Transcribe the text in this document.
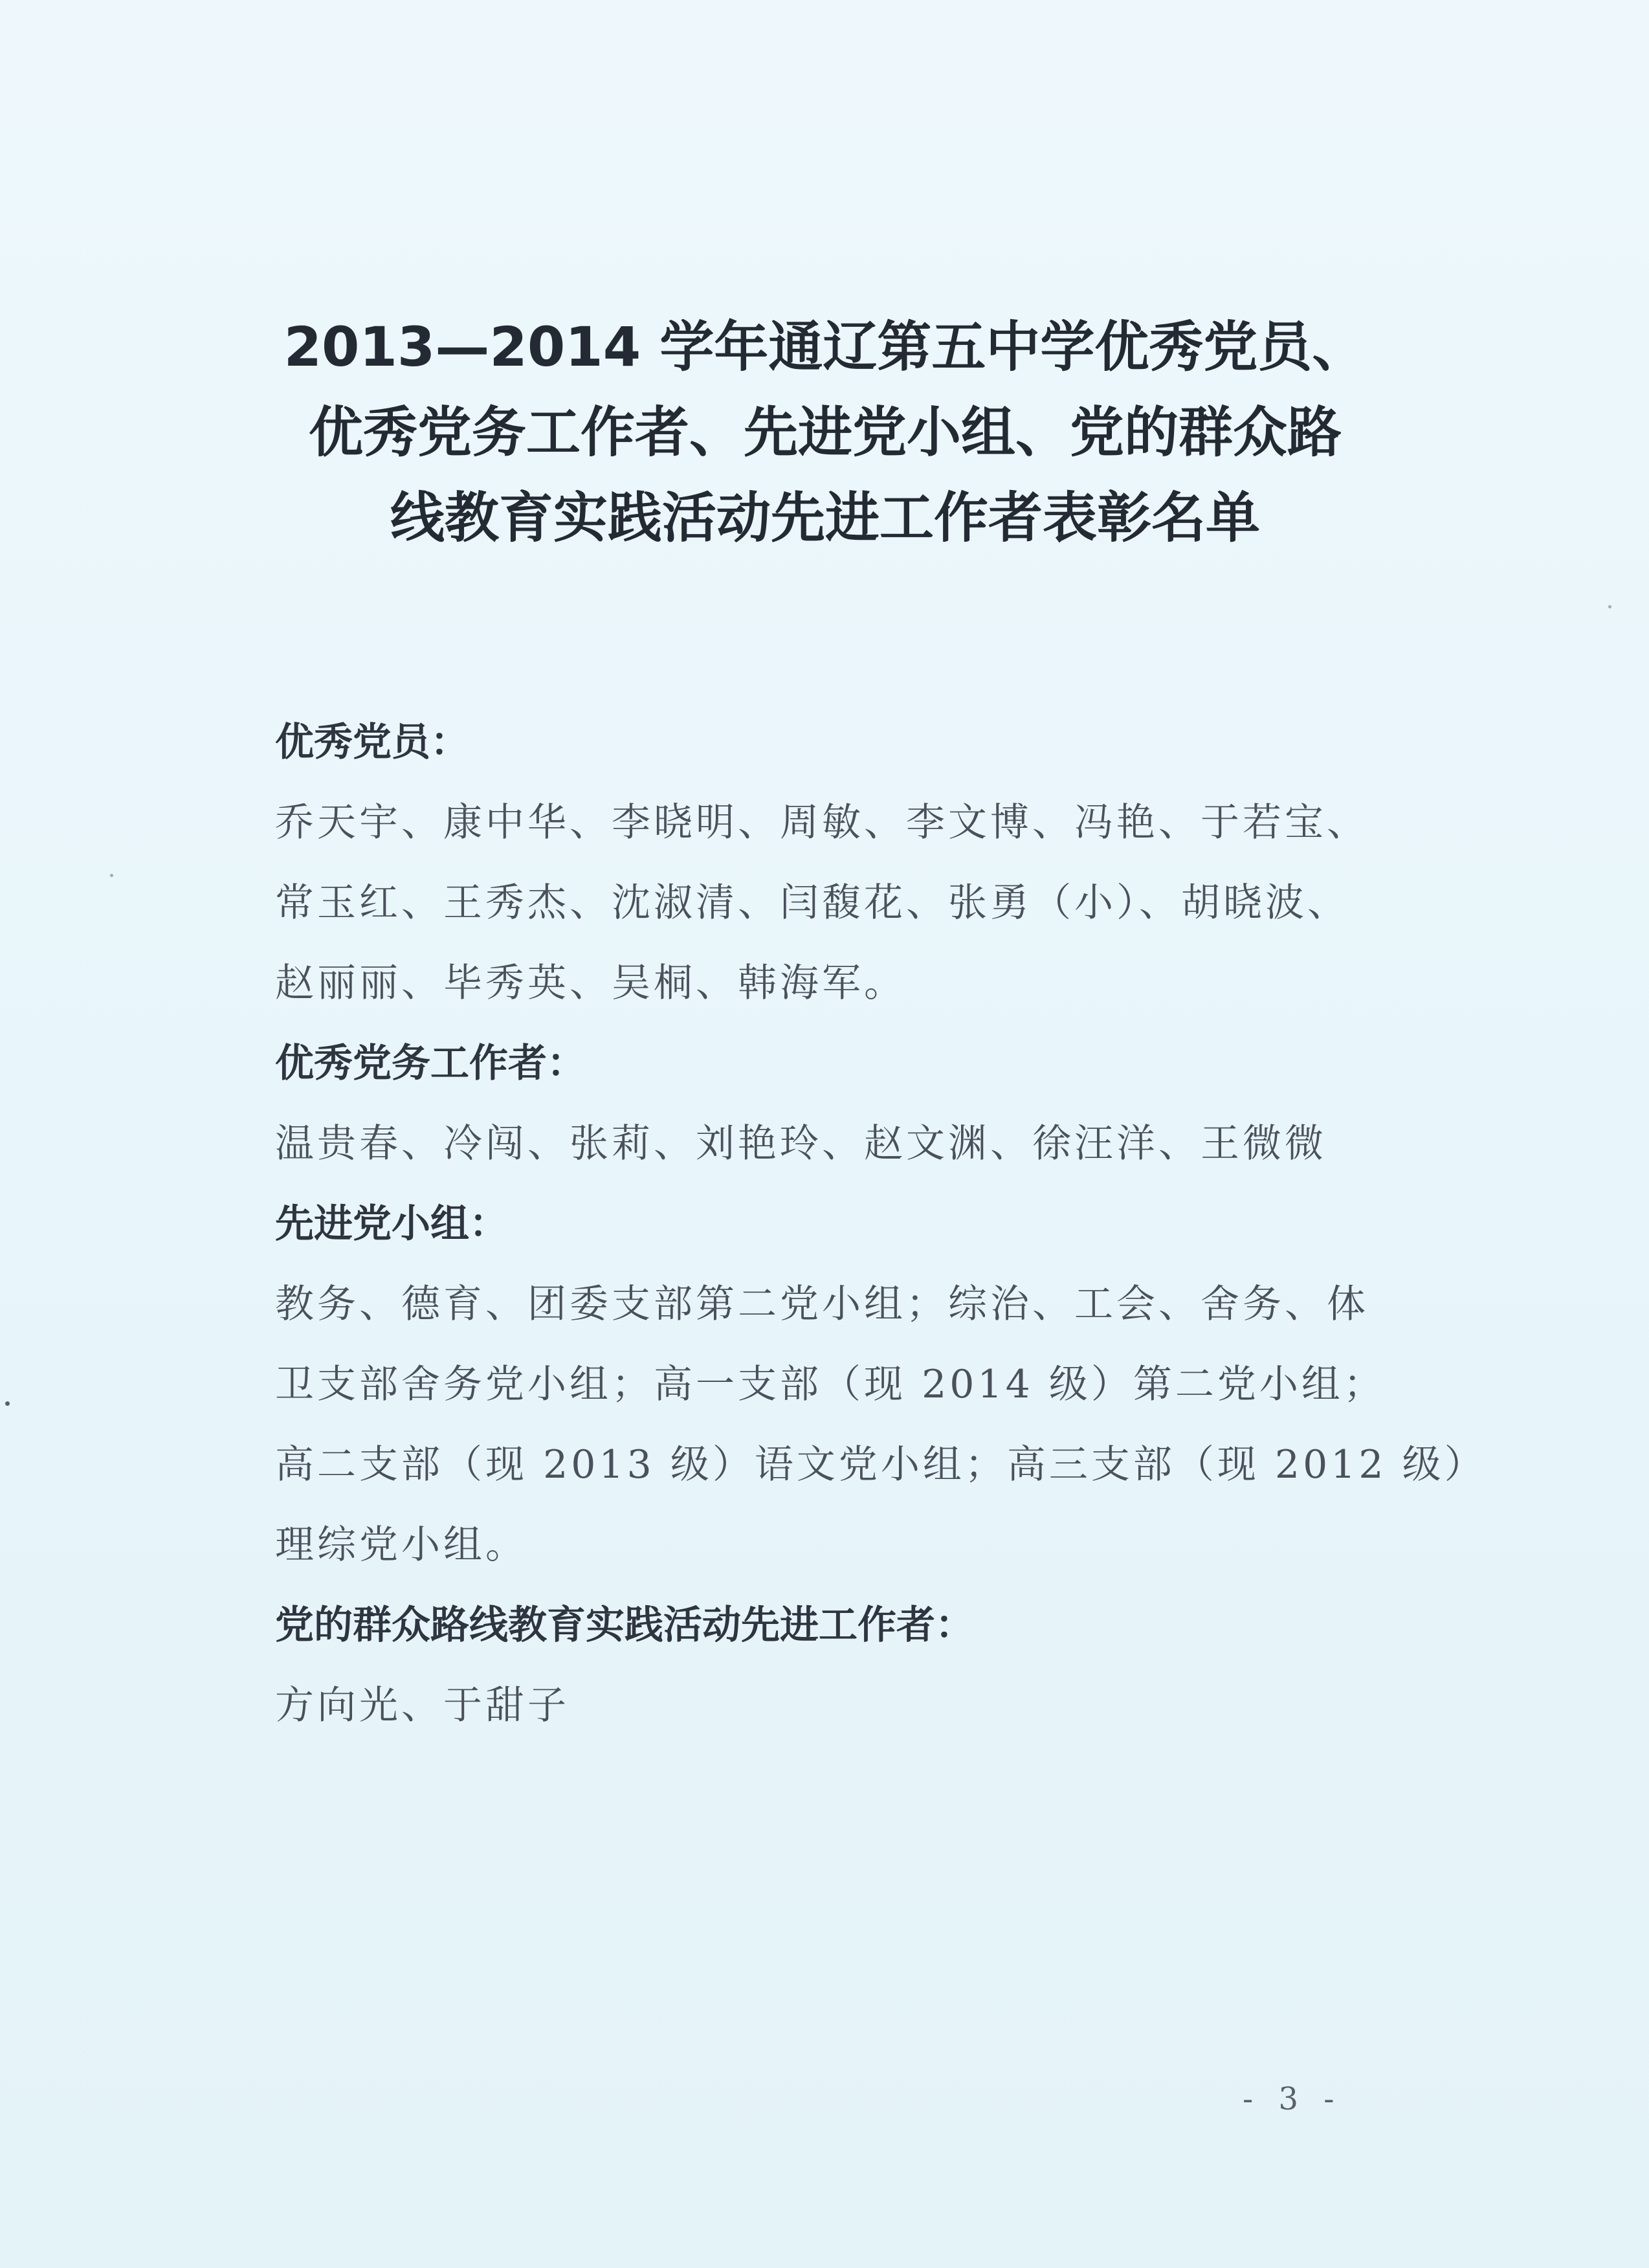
2013—2014 学年通辽第五中学优秀党员、
优秀党务工作者、先进党小组、党的群众路
线教育实践活动先进工作者表彰名单
优秀党员：
乔天宇、康中华、李晓明、周敏、李文博、冯艳、于若宝、
常玉红、王秀杰、沈淑清、闫馥花、张勇（小）、胡晓波、
赵丽丽、毕秀英、吴桐、韩海军。
优秀党务工作者：
温贵春、冷闯、张莉、刘艳玲、赵文渊、徐汪洋、王微微
先进党小组：
教务、德育、团委支部第二党小组；综治、工会、舍务、体
卫支部舍务党小组；高一支部（现 2014 级）第二党小组；
高二支部（现 2013 级）语文党小组；高三支部（现 2012 级）
理综党小组。
党的群众路线教育实践活动先进工作者：
方向光、于甜子
- 3 -
